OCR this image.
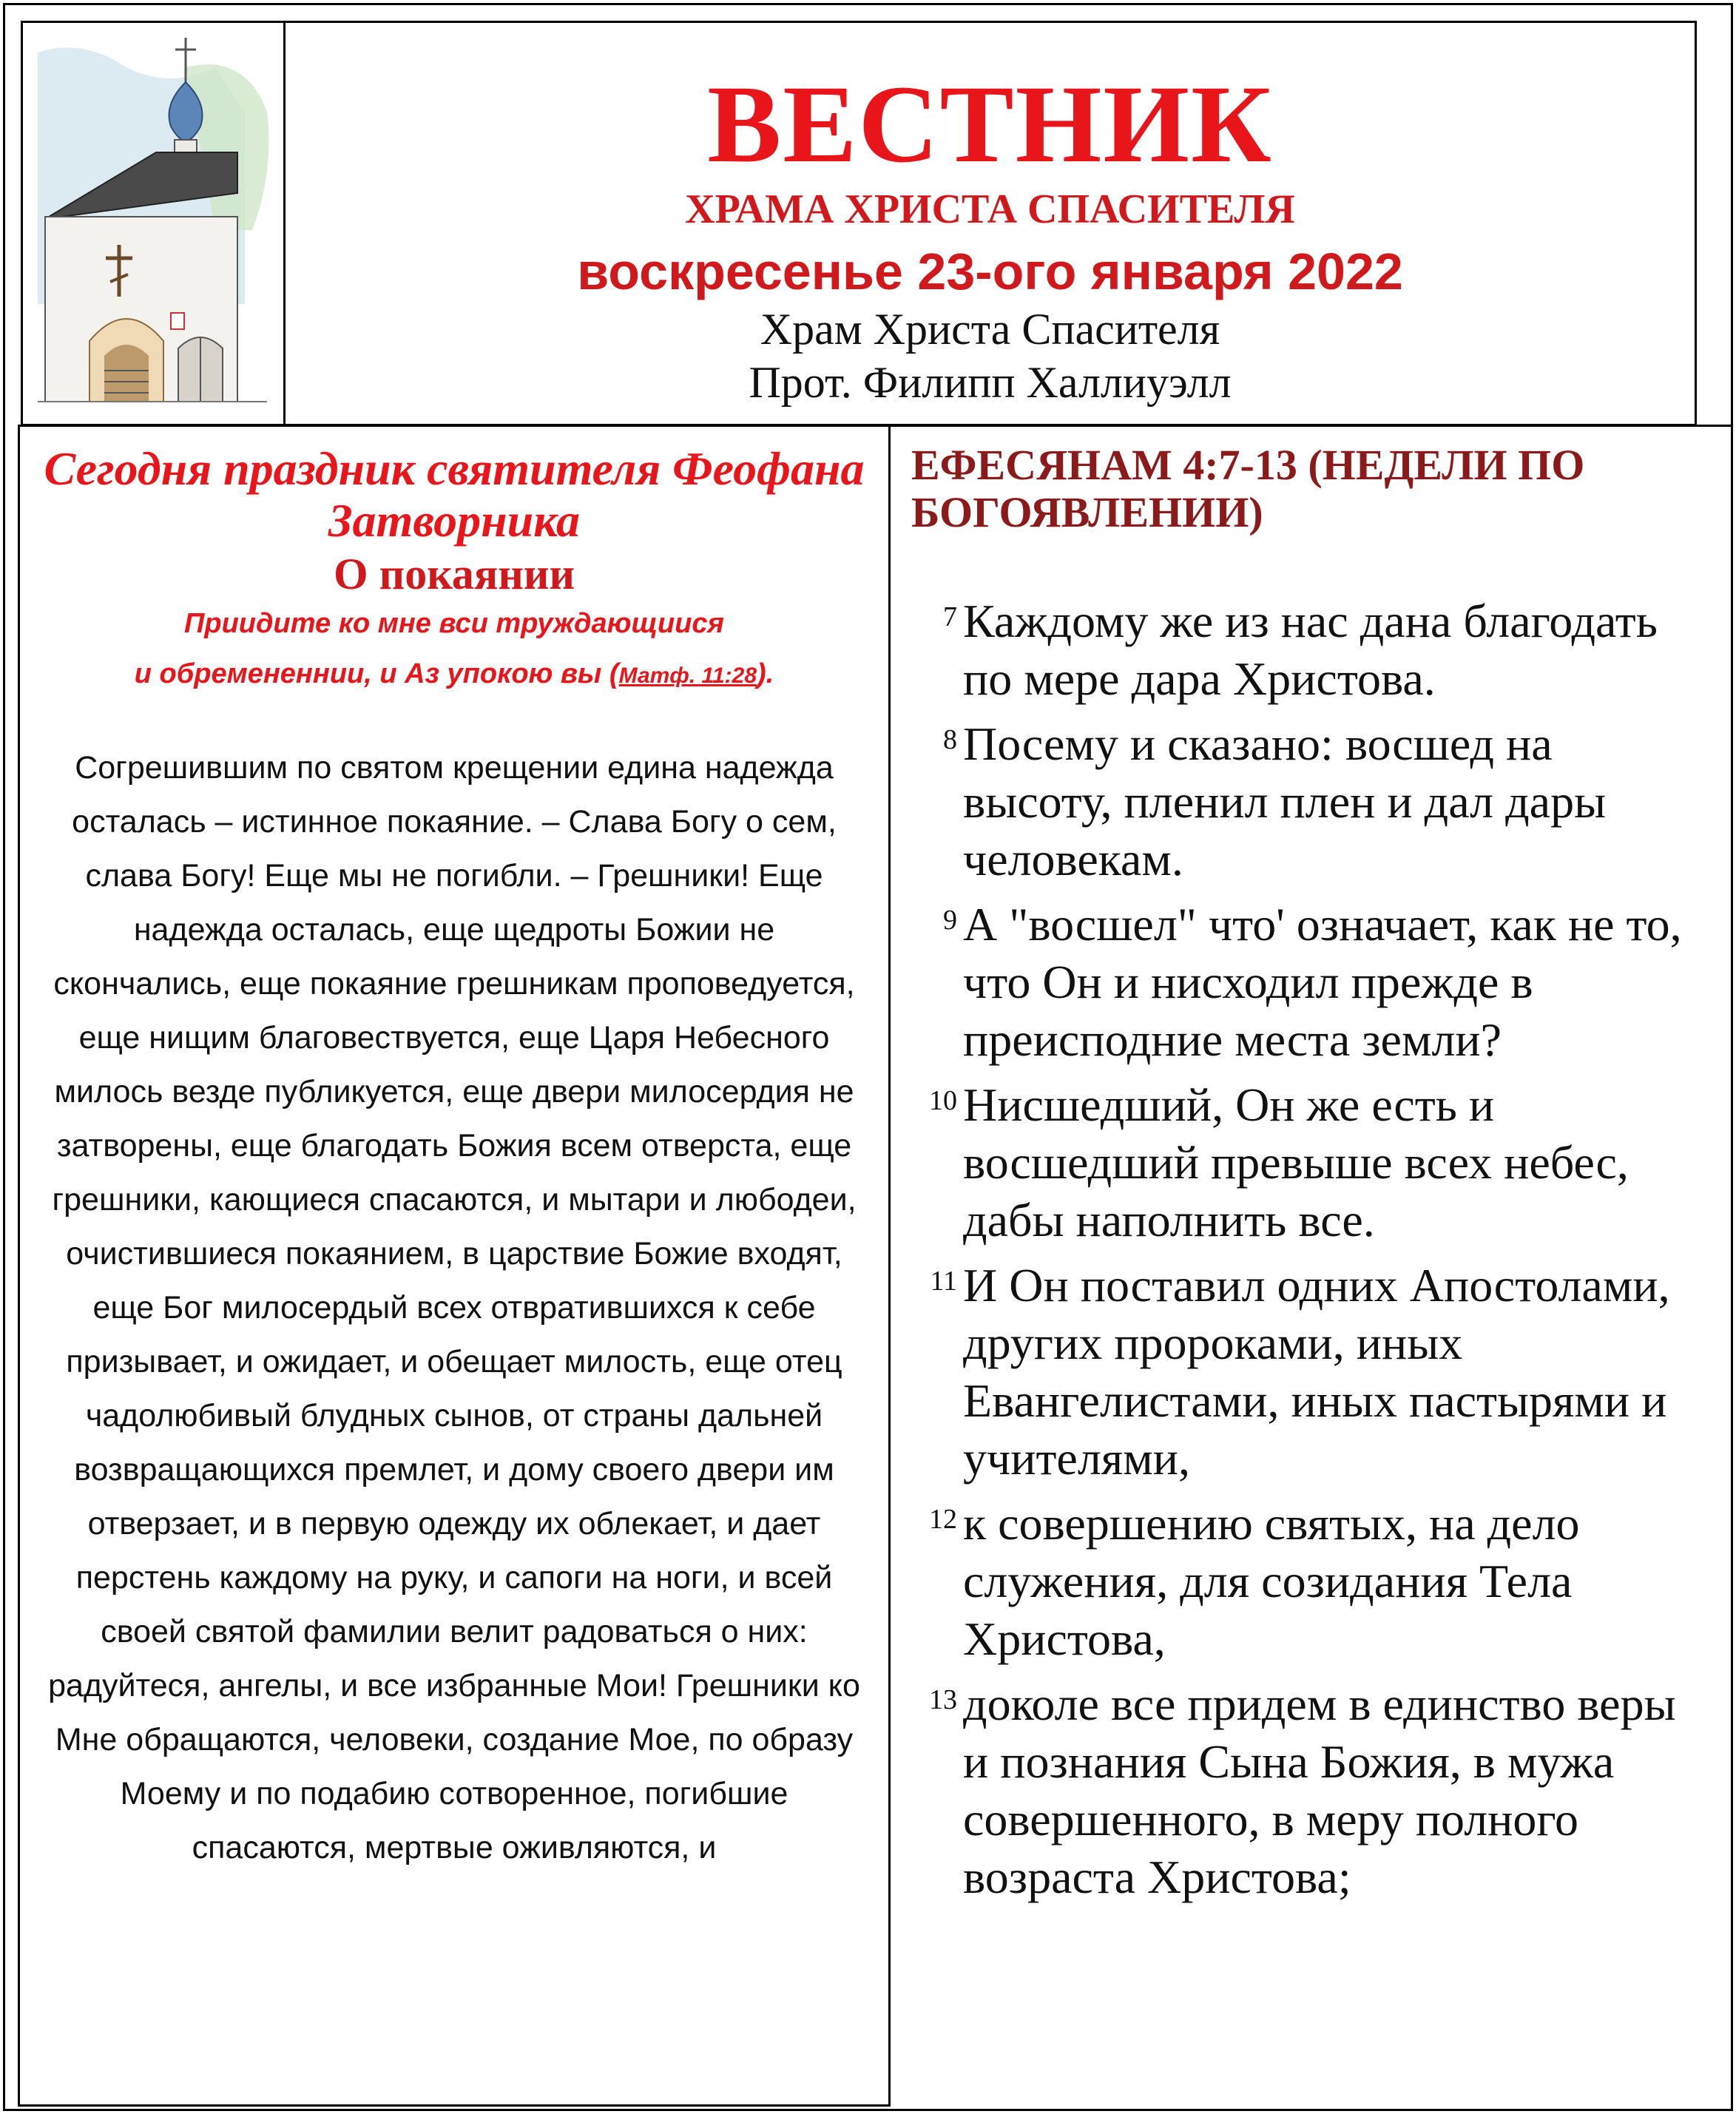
ВЕСТНИК
ХРАМА ХРИСТА СПАСИТЕЛЯ
воскресенье 23-ого января 2022
Храм Христа Спасителя
Прот. Филипп Халлиуэлл
Сегодня праздник святителя Феофана Затворника
О покаянии
Приидите ко мне вси труждающиися
и обремененнии, и Аз упокою вы (Матф. 11:28).
Согрешившим по святом крещении едина надежда осталась – истинное покаяние. – Слава Богу о сем, слава Богу! Еще мы не погибли. – Грешники! Еще надежда осталась, еще щедроты Божии не скончались, еще покаяние грешникам проповедуется, еще нищим благовествуется, еще Царя Небесного милось везде публикуется, еще двери милосердия не затворены, еще благодать Божия всем отверста, еще грешники, кающиеся спасаются, и мытари и любодеи, очистившиеся покаянием, в царствие Божие входят, еще Бог милосердый всех отвратившихся к себе призывает, и ожидает, и обещает милость, еще отец чадолюбивый блудных сынов, от страны дальней возвращающихся премлет, и дому своего двери им отверзает, и в первую одежду их облекает, и дает перстень каждому на руку, и сапоги на ноги, и всей своей святой фамилии велит радоваться о них: радуйтеся, ангелы, и все избранные Мои! Грешники ко Мне обращаются, человеки, создание Мое, по образу Моему и по подабию сотворенное, погибшие спасаются, мертвые оживляются, и
ЕФЕСЯНАМ 4:7-13 (НЕДЕЛИ ПО БОГОЯВЛЕНИИ)
7 Каждому же из нас дана благодать по мере дара Христова.
8 Посему и сказано: восшед на высоту, пленил плен и дал дары человекам.
9 А "восшел" что' означает, как не то, что Он и нисходил прежде в преисподние места земли?
10 Нисшедший, Он же есть и восшедший превыше всех небес, дабы наполнить все.
11 И Он поставил одних Апостолами, других пророками, иных Евангелистами, иных пастырями и учителями,
12 к совершению святых, на дело служения, для созидания Тела Христова,
13 доколе все придем в единство веры и познания Сына Божия, в мужа совершенного, в меру полного возраста Христова;
